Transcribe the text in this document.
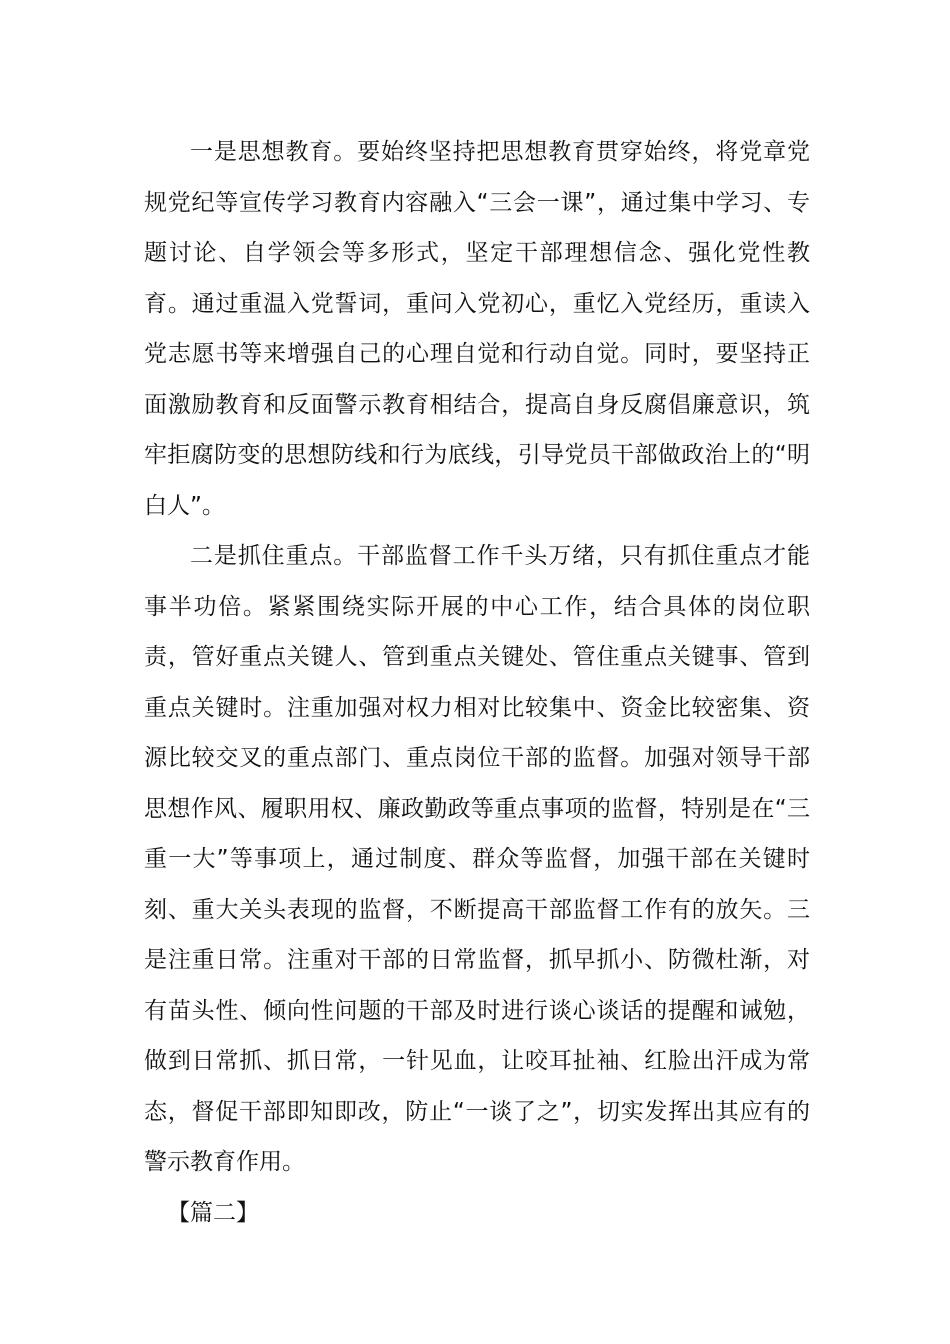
一是思想教育。要始终坚持把思想教育贯穿始终，将党章党规党纪等宣传学习教育内容融入“三会一课”，通过集中学习、专题讨论、自学领会等多形式，坚定干部理想信念、强化党性教育。通过重温入党誓词，重问入党初心，重忆入党经历，重读入党志愿书等来增强自己的心理自觉和行动自觉。同时，要坚持正面激励教育和反面警示教育相结合，提高自身反腐倡廉意识，筑牢拒腐防变的思想防线和行为底线，引导党员干部做政治上的“明白人”。

二是抓住重点。干部监督工作千头万绪，只有抓住重点才能事半功倍。紧紧围绕实际开展的中心工作，结合具体的岗位职责，管好重点关键人、管到重点关键处、管住重点关键事、管到重点关键时。注重加强对权力相对比较集中、资金比较密集、资源比较交叉的重点部门、重点岗位干部的监督。加强对领导干部思想作风、履职用权、廉政勤政等重点事项的监督，特别是在“三重一大”等事项上，通过制度、群众等监督，加强干部在关键时刻、重大关头表现的监督，不断提高干部监督工作有的放矢。三是注重日常。注重对干部的日常监督，抓早抓小、防微杜渐，对有苗头性、倾向性问题的干部及时进行谈心谈话的提醒和诫勉，做到日常抓、抓日常，一针见血，让咬耳扯袖、红脸出汗成为常态，督促干部即知即改，防止“一谈了之”，切实发挥出其应有的警示教育作用。

【篇二】
